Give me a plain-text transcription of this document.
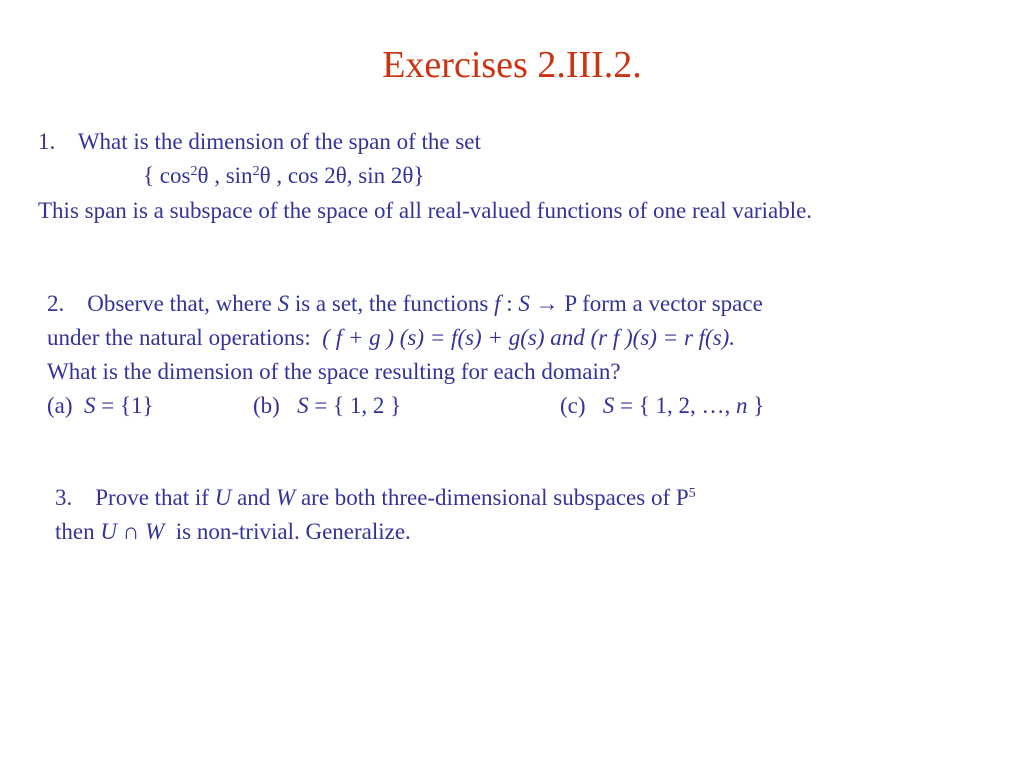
Exercises 2.III.2.
1. What is the dimension of the span of the set
{ $\cos^2\theta$ , $\sin^2\theta$ , cos 2θ, sin 2θ}
This span is a subspace of the space of all real-valued functions of one real variable.
2. Observe that, where S is a set, the functions f : S → P form a vector space
under the natural operations: ( f + g ) (s) = f(s) + g(s) and (r f )(s) = r f(s).
What is the dimension of the space resulting for each domain?
(a) S = {1}	(b) S = { 1, 2 }	(c) S = { 1, 2, …, n }
3. Prove that if U and W are both three-dimensional subspaces of $P^5$
then U ∩ W is non-trivial. Generalize.
